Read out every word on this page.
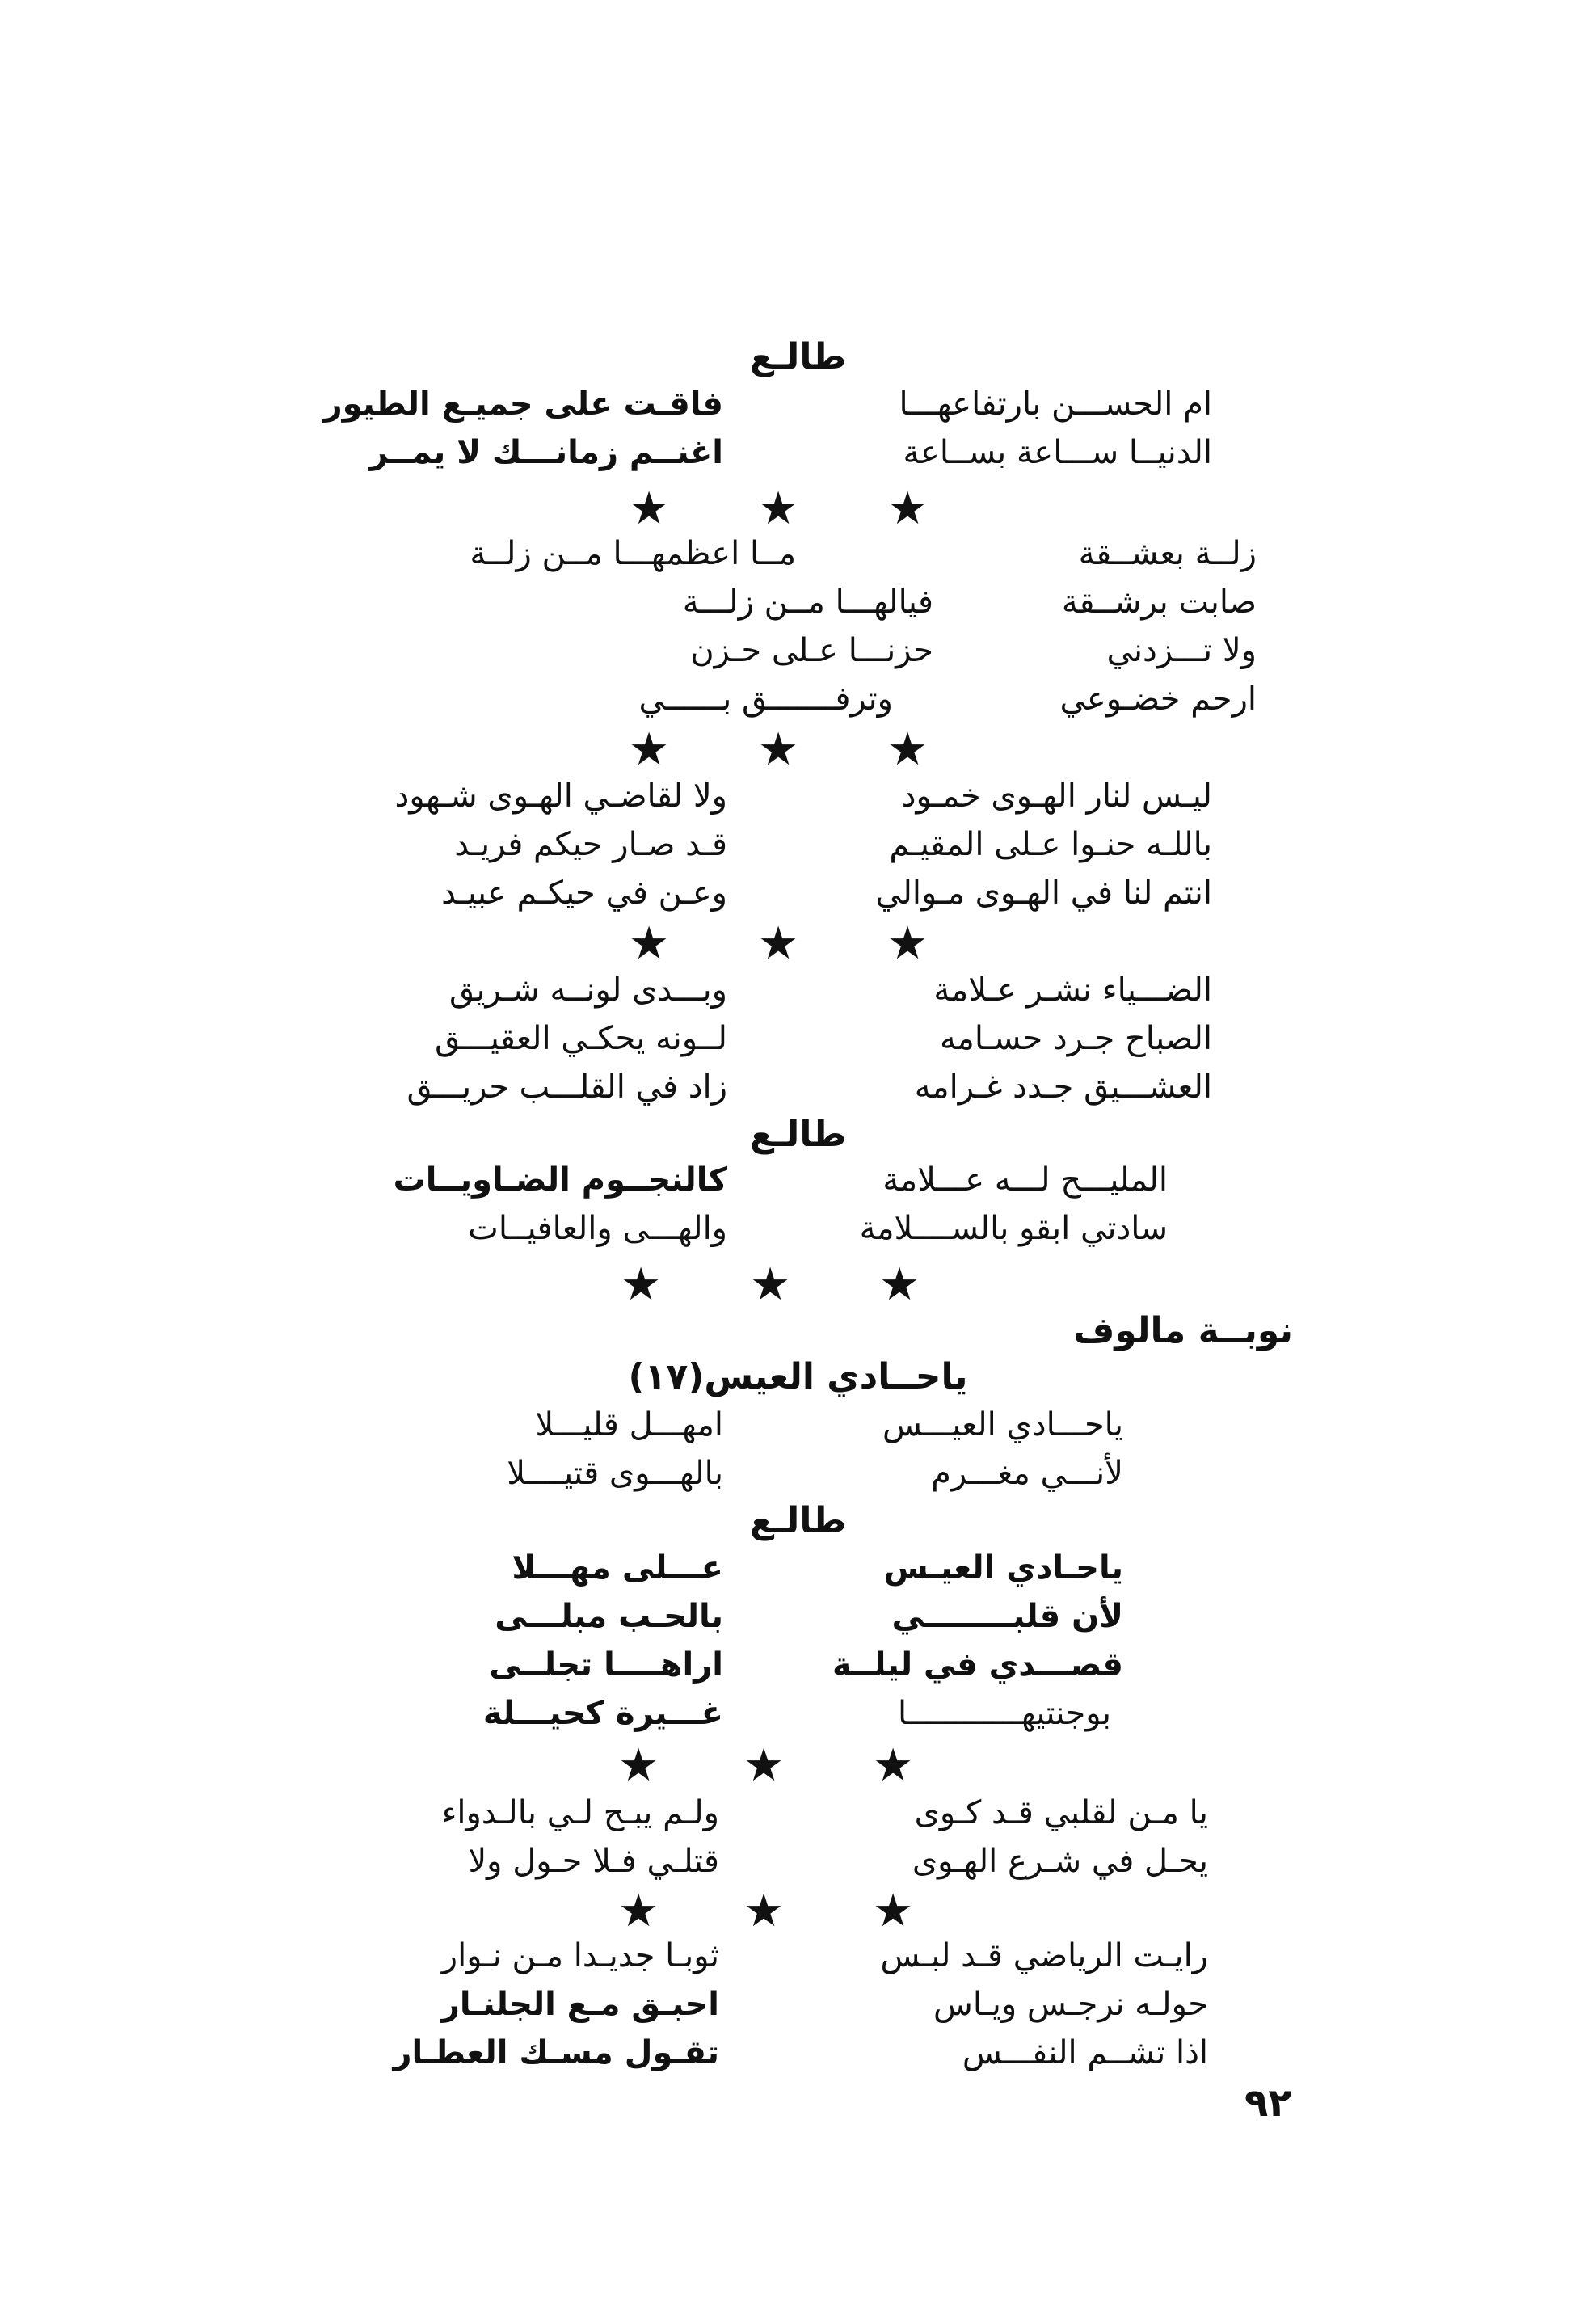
طالـع
ام الحســـن بارتفاعهـــا
فاقـت على جميـع الطيور
الدنيــا ســـاعة بســاعة
اغنــم زمانـــك لا يمــر
★ ★ ★
زلــة بعشــقة
مــا اعظمهـــا مــن زلــة
صابت برشــقة
فيالهـــا مــن زلـــة
ولا تـــزدني
حزنـــا عـلى حـزن
ارحم خضـوعي
وترفـــــــق بــــــي
★ ★ ★
ليـس لنار الهـوى خمـود
ولا لقاضـي الهـوى شـهود
باللـه حنـوا عـلى المقيـم
قـد صـار حيكم فريـد
انتم لنا في الهـوى مـوالي
وعـن في حيكـم عبيـد
★ ★ ★
الضـــياء نشـر عـلامة
وبـــدى لونــه شـريق
الصباح جـرد حسـامه
لــونه يحكـي العقيـــق
العشـــيق جـدد غـرامه
زاد في القلـــب حريـــق
طالـع
المليـــح لـــه عـــلامة
كالنجــوم الضـاويــات
سادتي ابقو بالســــلامة
والهـــى والعافيــات
★ ★ ★
نوبــة مالوف
ياحــادي العيس(١٧)
ياحـــادي العيـــس
امهـــل قليـــلا
لأنـــي مغـــرم
بالهـــوى قتيــــلا
طالـع
ياحـادي العيـس
عـــلى مهـــلا
لأن قلبــــــــي
بالحـب مبلـــى
قصـــدي في ليلــة
اراهــــا تجلــى
بوجنتيهــــــــــــا
غـــيرة كحيـــلة
★ ★ ★
يا مـن لقلبي قـد كـوى
ولـم يبـح لـي بالـدواء
يحـل في شـرع الهـوى
قتلـي فـلا حـول ولا
★ ★ ★
رايـت الرياضي قـد لبـس
ثوبـا جديـدا مـن نـوار
حولـه نرجـس ويـاس
احبـق مـع الجلنـار
اذا تشــم النفـــس
تقـول مسـك العطـار
٩٢
